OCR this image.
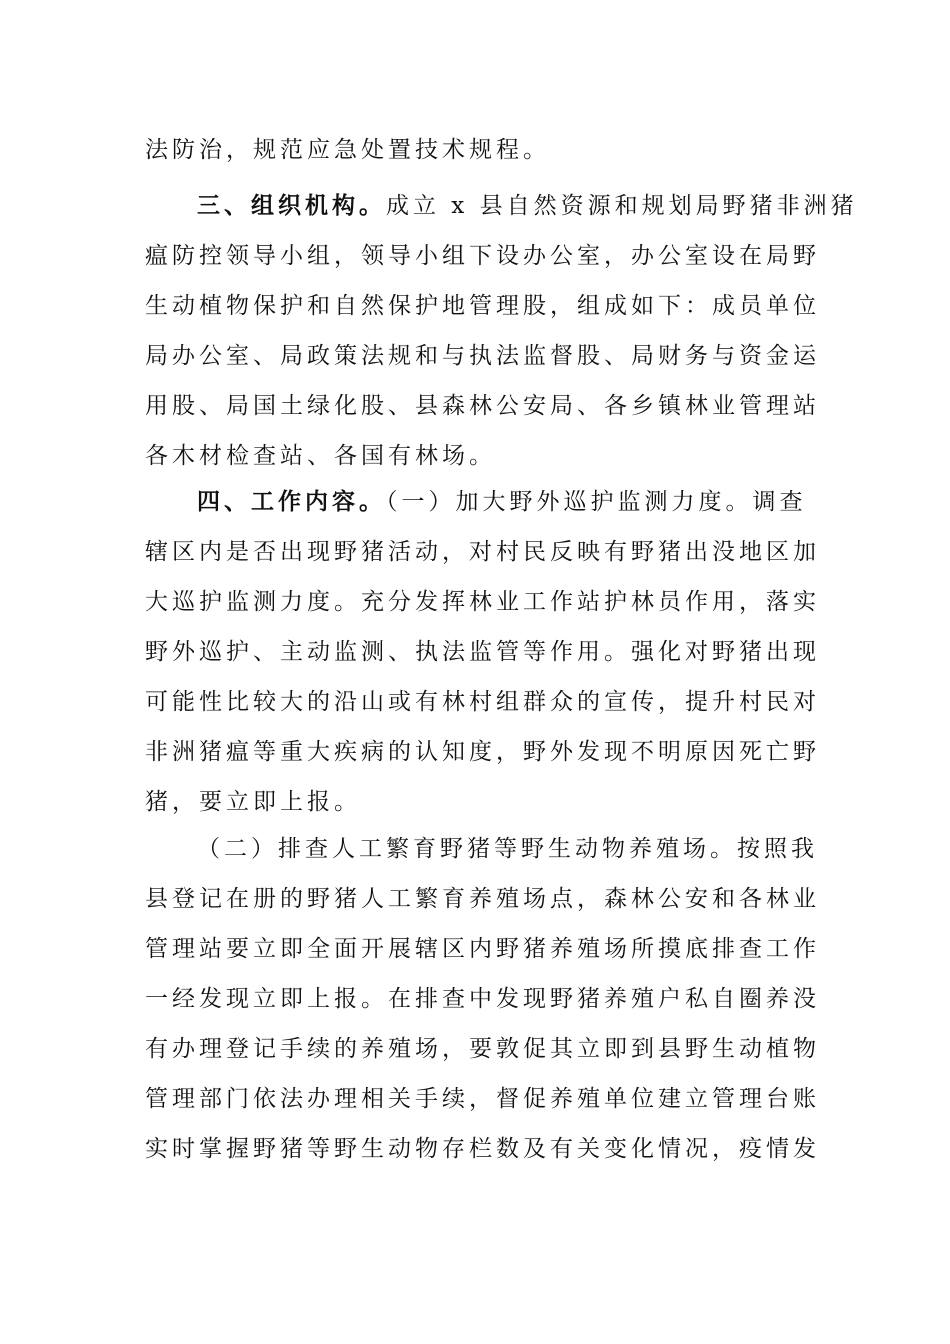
法防治，规范应急处置技术规程。
三、组织机构。成立 x 县自然资源和规划局野猪非洲猪
瘟防控领导小组，领导小组下设办公室，办公室设在局野
生动植物保护和自然保护地管理股，组成如下：成员单位
局办公室、局政策法规和与执法监督股、局财务与资金运
用股、局国土绿化股、县森林公安局、各乡镇林业管理站
各木材检查站、各国有林场。
四、工作内容。（一）加大野外巡护监测力度。调查
辖区内是否出现野猪活动，对村民反映有野猪出没地区加
大巡护监测力度。充分发挥林业工作站护林员作用，落实
野外巡护、主动监测、执法监管等作用。强化对野猪出现
可能性比较大的沿山或有林村组群众的宣传，提升村民对
非洲猪瘟等重大疾病的认知度，野外发现不明原因死亡野
猪，要立即上报。
（二）排查人工繁育野猪等野生动物养殖场。按照我
县登记在册的野猪人工繁育养殖场点，森林公安和各林业
管理站要立即全面开展辖区内野猪养殖场所摸底排查工作
一经发现立即上报。在排查中发现野猪养殖户私自圈养没
有办理登记手续的养殖场，要敦促其立即到县野生动植物
管理部门依法办理相关手续，督促养殖单位建立管理台账
实时掌握野猪等野生动物存栏数及有关变化情况，疫情发
